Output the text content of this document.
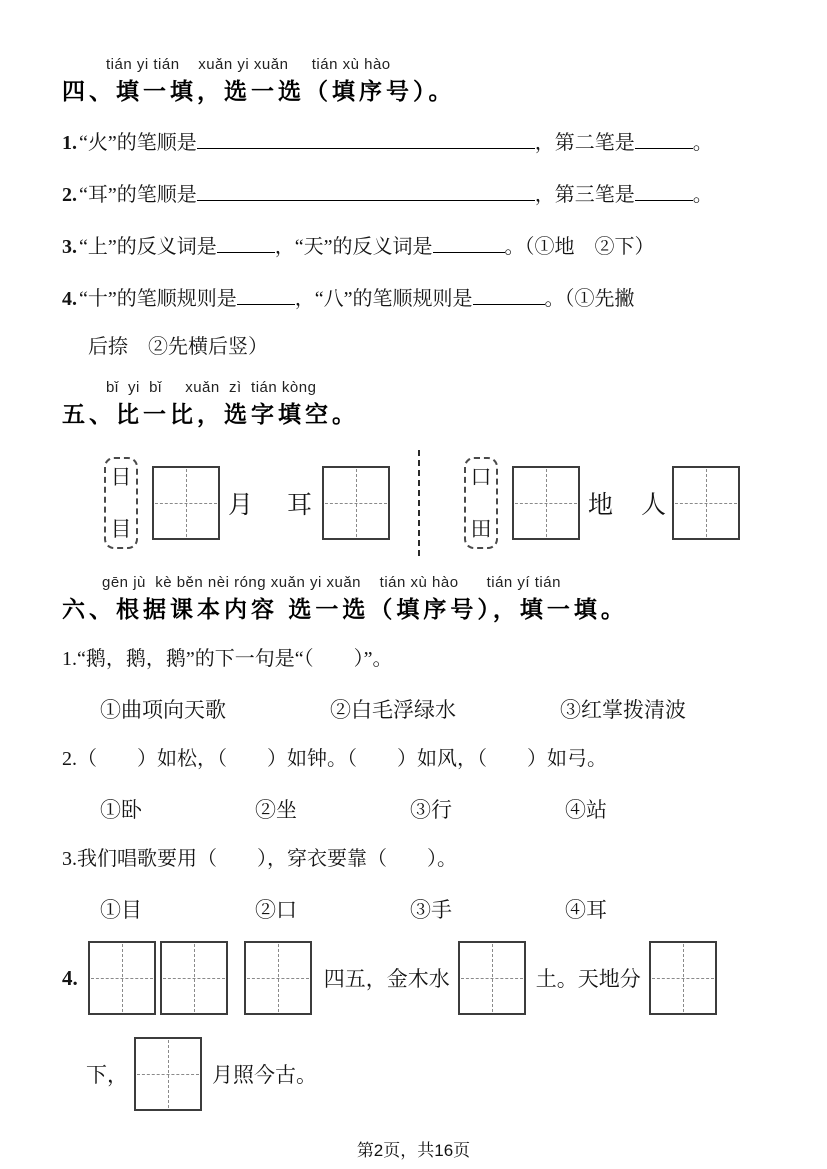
tián yi tián    xuǎn yi xuǎn     tián xù hào
四、填一填，选一选（填序号）。
1. “火”的笔顺是	，第二笔是	。
2. “耳”的笔顺是	，第三笔是	。
3. “上”的反义词是	，“天”的反义词是	。（①地　②下）
4. “十”的笔顺规则是	，“八”的笔顺规则是	。（①先撇
后捺　②先横后竖）
bǐ  yi  bǐ     xuǎn  zì  tián kòng
五、比一比，选字填空。
日
目
月 耳
口
田
地 人
gēn jù  kè běn nèi róng xuǎn yi xuǎn    tián xù hào      tián yí tián
六、根据课本内容 选一选（填序号），填一填。
1.“鹅，鹅，鹅”的下一句是“（　　）”。
①曲项向天歌	②白毛浮绿水	③红掌拨清波
2.（　　）如松，（　　）如钟。（　　）如风，（　　）如弓。
①卧	②坐	③行	④站
3.我们唱歌要用（　　），穿衣要靠（　　）。
①目	②口	③手	④耳
4.	四五，金木水	土。天地分
下，	月照今古。
第2页，共16页
